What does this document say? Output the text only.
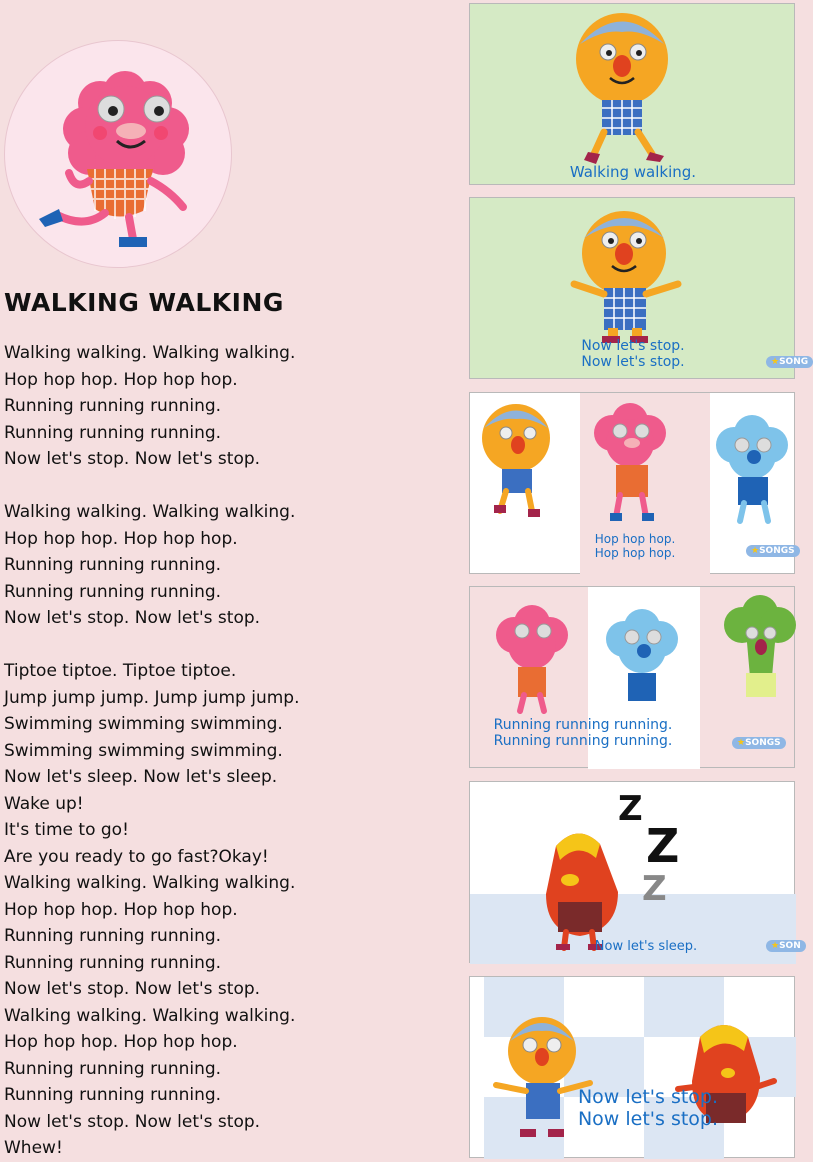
WALKING WALKING
Walking walking. Walking walking.
Hop hop hop. Hop hop hop.
Running running running.
Running running running.
Now let's stop. Now let's stop.
Walking walking. Walking walking.
Hop hop hop. Hop hop hop.
Running running running.
Running running running.
Now let's stop. Now let's stop.
Tiptoe tiptoe. Tiptoe tiptoe.
Jump jump jump. Jump jump jump.
Swimming swimming swimming.
Swimming swimming swimming.
Now let's sleep. Now let's sleep.
Wake up!
It's time to go!
Are you ready to go fast?Okay!
Walking walking. Walking walking.
Hop hop hop. Hop hop hop.
Running running running.
Running running running.
Now let's stop. Now let's stop.
Walking walking. Walking walking.
Hop hop hop. Hop hop hop.
Running running running.
Running running running.
Now let's stop. Now let's stop.
Whew!
Walking walking.
Now let's stop.
Now let's stop.	★SONG
Hop hop hop.
Hop hop hop.	★SONGS
Running running running.
Running running running.	★SONGS
Z
Z
Z
Now let's sleep.	★SON
Now let's stop.
Now let's stop.
